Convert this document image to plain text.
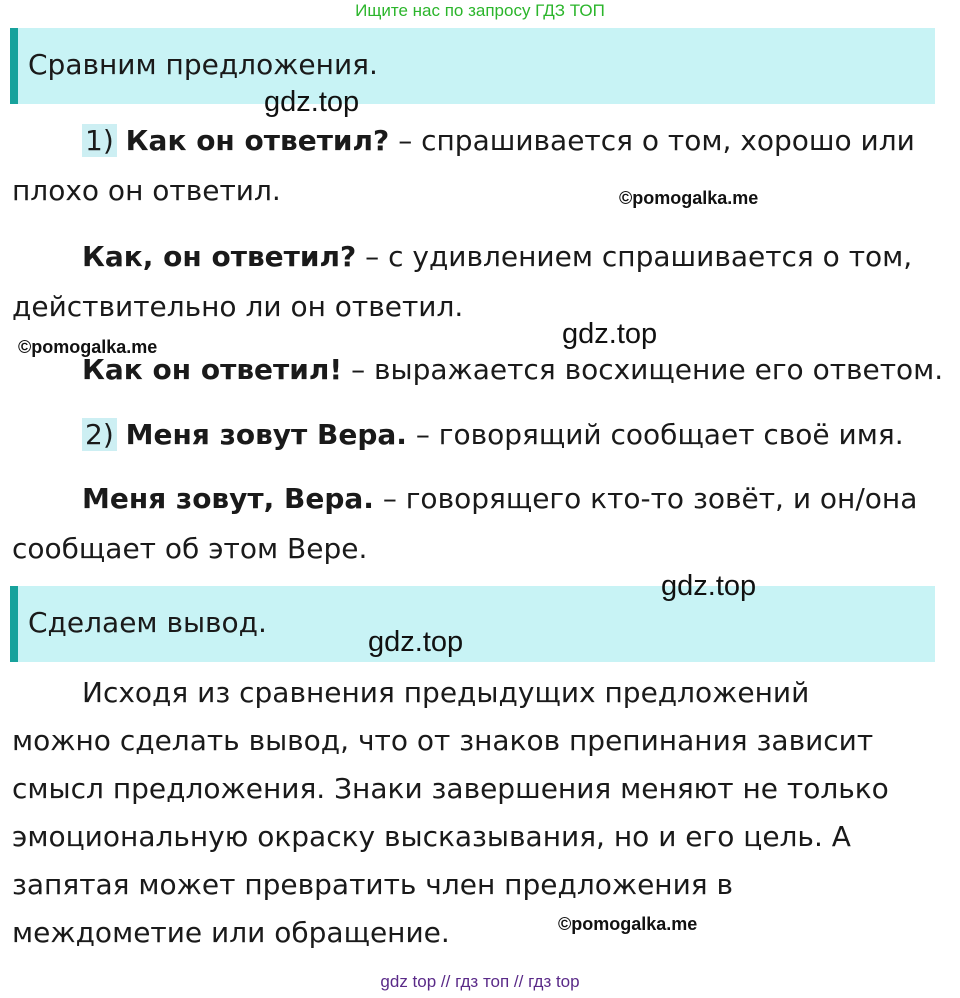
Ищите нас по запросу ГДЗ ТОП
Сравним предложения.
1) Как он ответил? – спрашивается о том, хорошо или
плохо он ответил.
Как, он ответил? – с удивлением спрашивается о том,
действительно ли он ответил.
Как он ответил! – выражается восхищение его ответом.
2) Меня зовут Вера. – говорящий сообщает своё имя.
Меня зовут, Вера. – говорящего кто-то зовёт, и он/она
сообщает об этом Вере.
Сделаем вывод.
Исходя из сравнения предыдущих предложений
можно сделать вывод, что от знаков препинания зависит
смысл предложения. Знаки завершения меняют не только
эмоциональную окраску высказывания, но и его цель. А
запятая может превратить член предложения в
междометие или обращение.
gdz.top
©pomogalka.me
gdz.top
©pomogalka.me
gdz.top
gdz.top
©pomogalka.me
gdz top // гдз топ // гдз top
